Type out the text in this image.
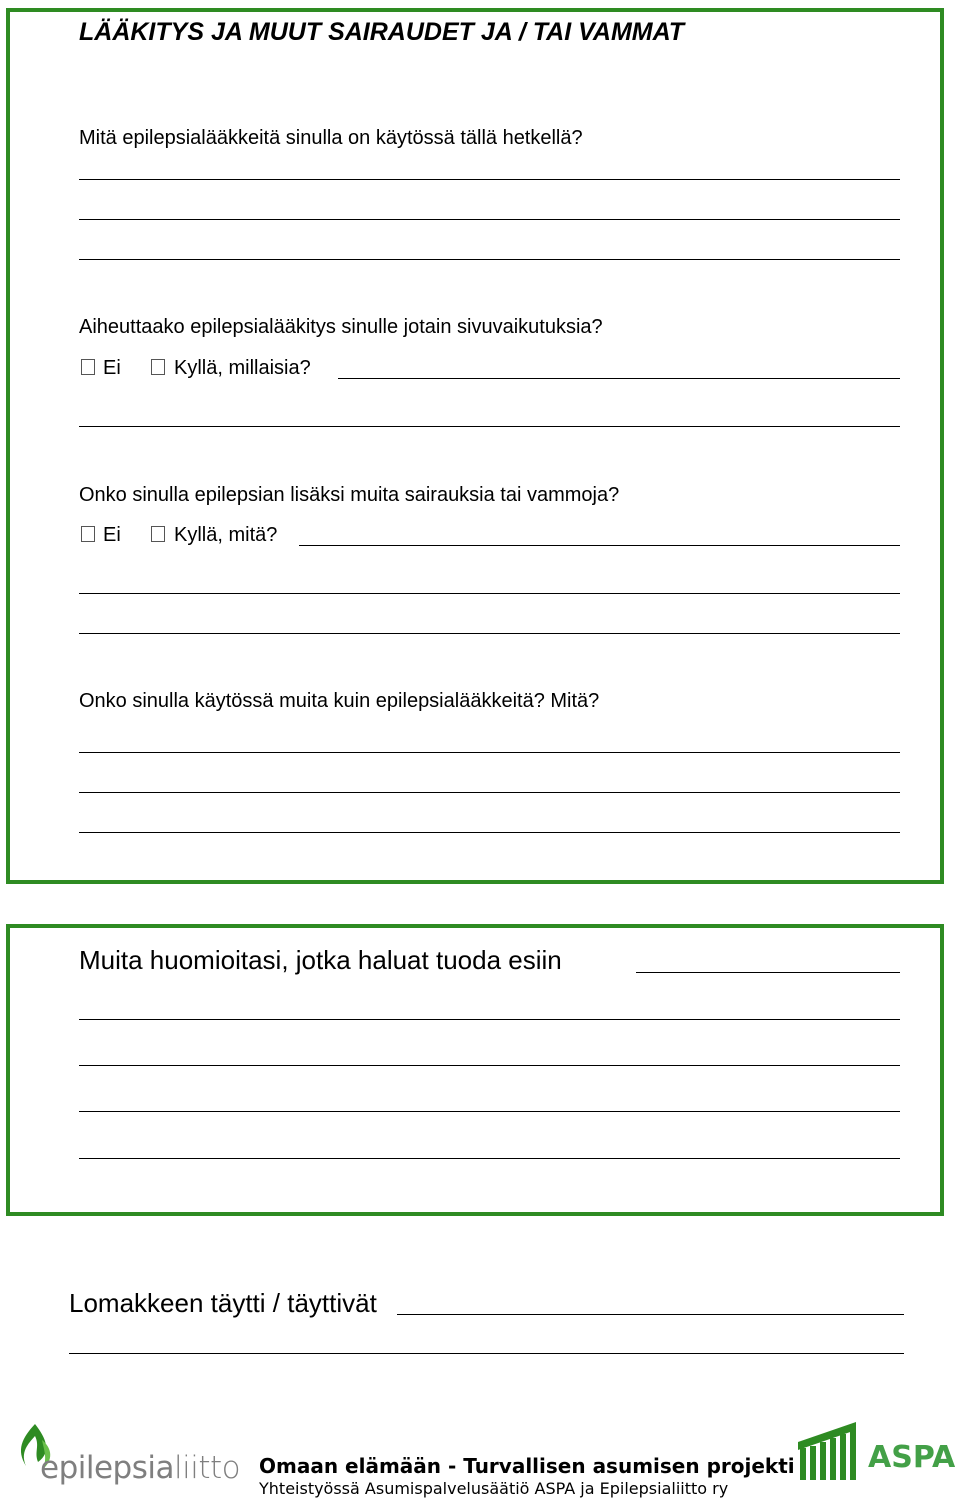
LÄÄKITYS JA MUUT SAIRAUDET JA / TAI VAMMAT
Mitä epilepsialääkkeitä sinulla on käytössä tällä hetkellä?
Aiheuttaako epilepsialääkitys sinulle jotain sivuvaikutuksia?
Ei	Kyllä, millaisia?
Onko sinulla epilepsian lisäksi muita sairauksia tai vammoja?
Ei	Kyllä, mitä?
Onko sinulla käytössä muita kuin epilepsialääkkeitä? Mitä?
Muita huomioitasi, jotka haluat tuoda esiin
Lomakkeen täytti / täyttivät
epilepsialiitto Omaan elämään - Turvallisen asumisen projekti
Yhteistyössä Asumispalvelusäätiö ASPA ja Epilepsialiitto ry
ASPA
